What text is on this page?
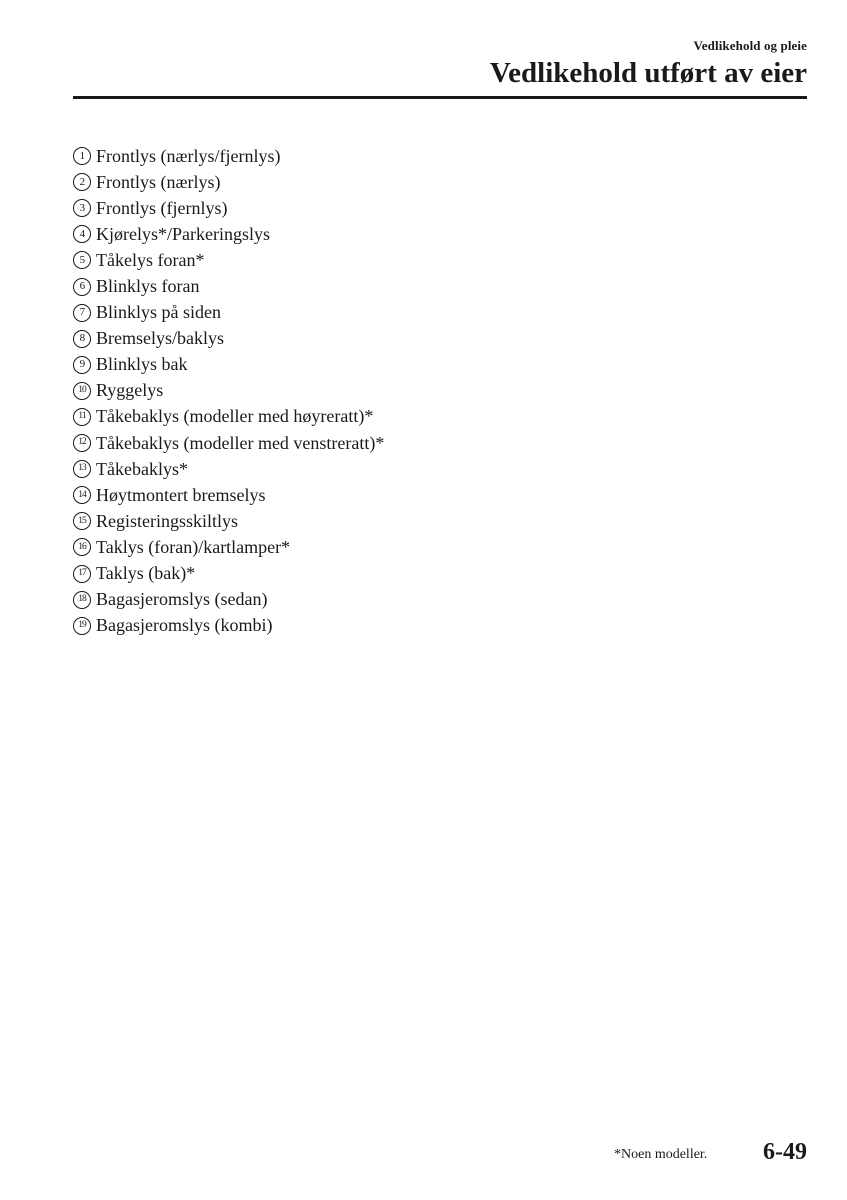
Vedlikehold og pleie
Vedlikehold utført av eier
1 Frontlys (nærlys/fjernlys)
2 Frontlys (nærlys)
3 Frontlys (fjernlys)
4 Kjørelys*/Parkeringslys
5 Tåkelys foran*
6 Blinklys foran
7 Blinklys på siden
8 Bremselys/baklys
9 Blinklys bak
10 Ryggelys
11 Tåkebaklys (modeller med høyreratt)*
12 Tåkebaklys (modeller med venstreratt)*
13 Tåkebaklys*
14 Høytmontert bremselys
15 Registeringsskiltlys
16 Taklys (foran)/kartlamper*
17 Taklys (bak)*
18 Bagasjeromslys (sedan)
19 Bagasjeromslys (kombi)
*Noen modeller. 6-49
